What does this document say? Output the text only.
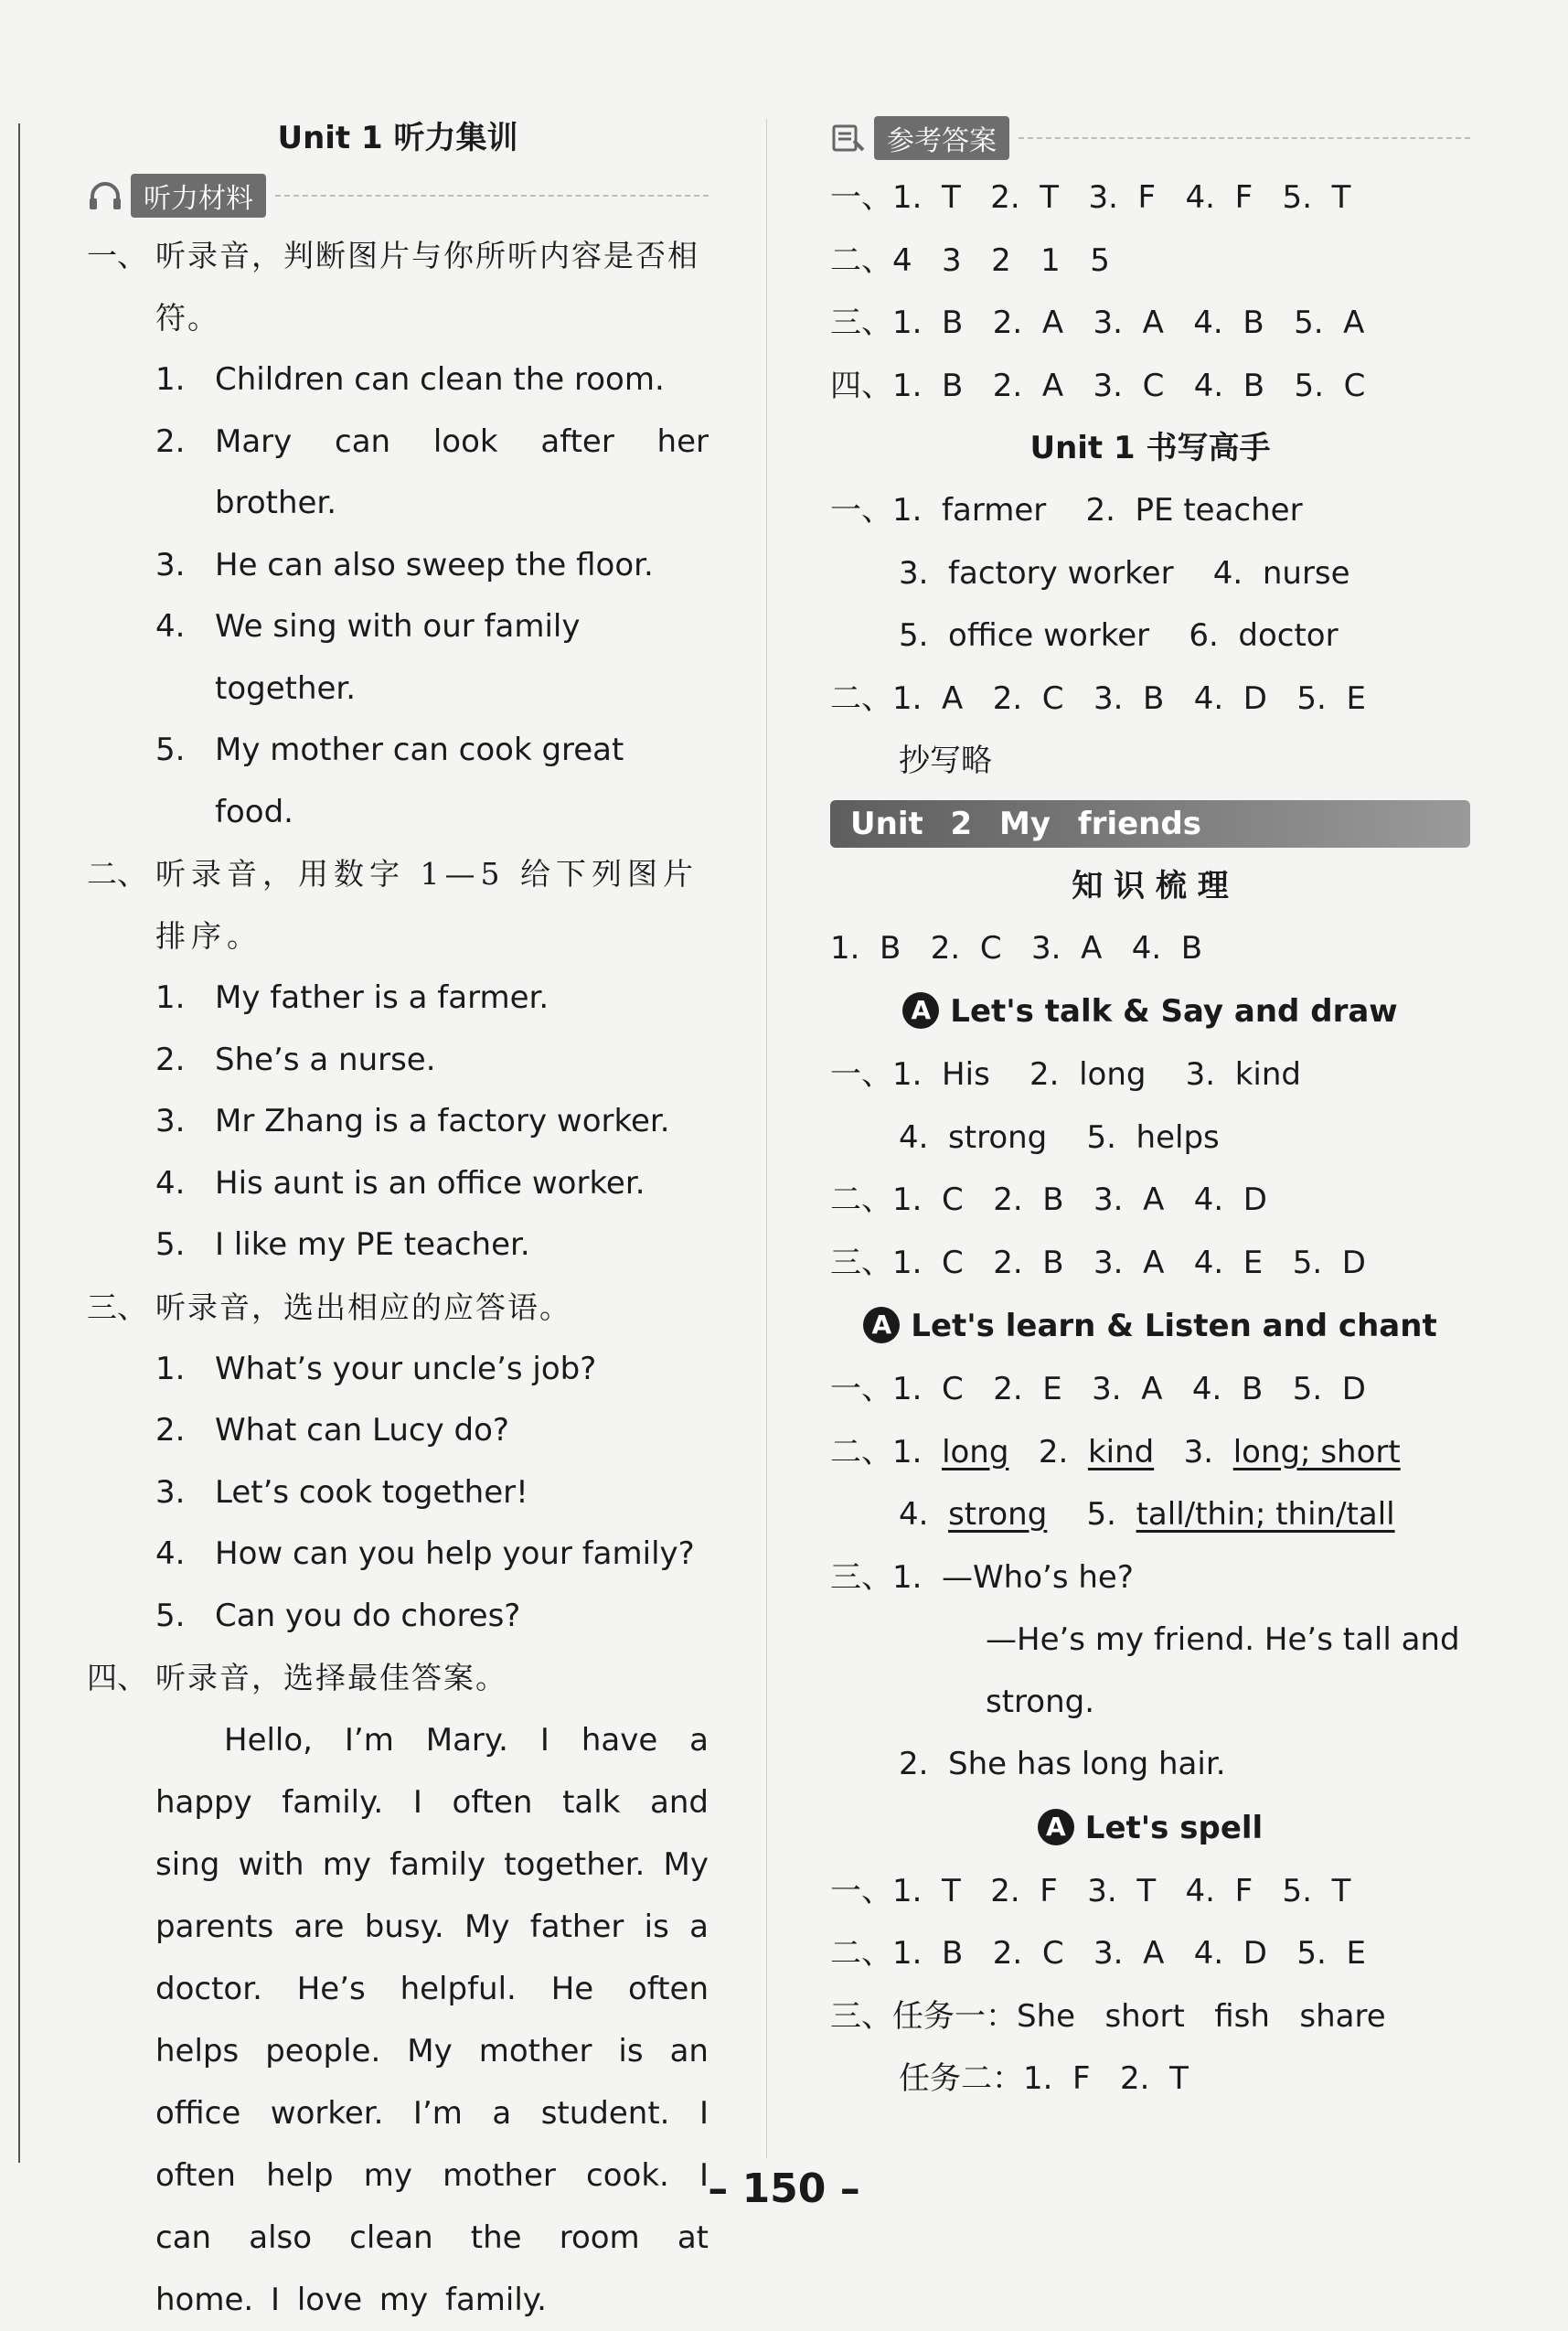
Unit 1 听力集训
听力材料
一、 听录音，判断图片与你所听内容是否相符。
1. Children can clean the room.
2. Mary can look after her brother.
3. He can also sweep the floor.
4. We sing with our family together.
5. My mother can cook great food.
二、 听录音，用数字 1—5 给下列图片排序。
1. My father is a farmer.
2. She’s a nurse.
3. Mr Zhang is a factory worker.
4. His aunt is an office worker.
5. I like my PE teacher.
三、 听录音，选出相应的应答语。
1. What’s your uncle’s job?
2. What can Lucy do?
3. Let’s cook together!
4. How can you help your family?
5. Can you do chores?
四、 听录音，选择最佳答案。

Hello, I’m Mary. I have a happy family. I often talk and sing with my family together. My parents are busy. My father is a doctor. He’s helpful. He often helps people. My mother is an office worker. I’m a student. I often help my mother cook. I can also clean the room at home. I love my family.

参考答案
一、1.  T   2.  T   3.  F   4.  F   5.  T
二、4   3   2   1   5
三、1.  B   2.  A   3.  A   4.  B   5.  A
四、1.  B   2.  A   3.  C   4.  B   5.  C
Unit 1 书写高手
一、1.  farmer    2.  PE teacher
3.  factory worker    4.  nurse
5.  office worker    6.  doctor
二、1.  A   2.  C   3.  B   4.  D   5.  E
抄写略
Unit 2 My friends
知 识 梳 理
1.  B   2.  C   3.  A   4.  B
A Let's talk & Say and draw
一、1.  His    2.  long    3.  kind
4.  strong    5.  helps
二、1.  C   2.  B   3.  A   4.  D
三、1.  C   2.  B   3.  A   4.  E   5.  D
A Let's learn & Listen and chant
一、1.  C   2.  E   3.  A   4.  B   5.  D
二、1.  long   2.  kind   3.  long; short
4.  strong    5.  tall/thin; thin/tall
三、1.  —Who’s he?
—He’s my friend. He’s tall and strong.
2.  She has long hair.
A Let's spell
一、1.  T   2.  F   3.  T   4.  F   5.  T
二、1.  B   2.  C   3.  A   4.  D   5.  E
三、任务一：She   short   fish   share
任务二：1.  F   2.  T
– 150 –
